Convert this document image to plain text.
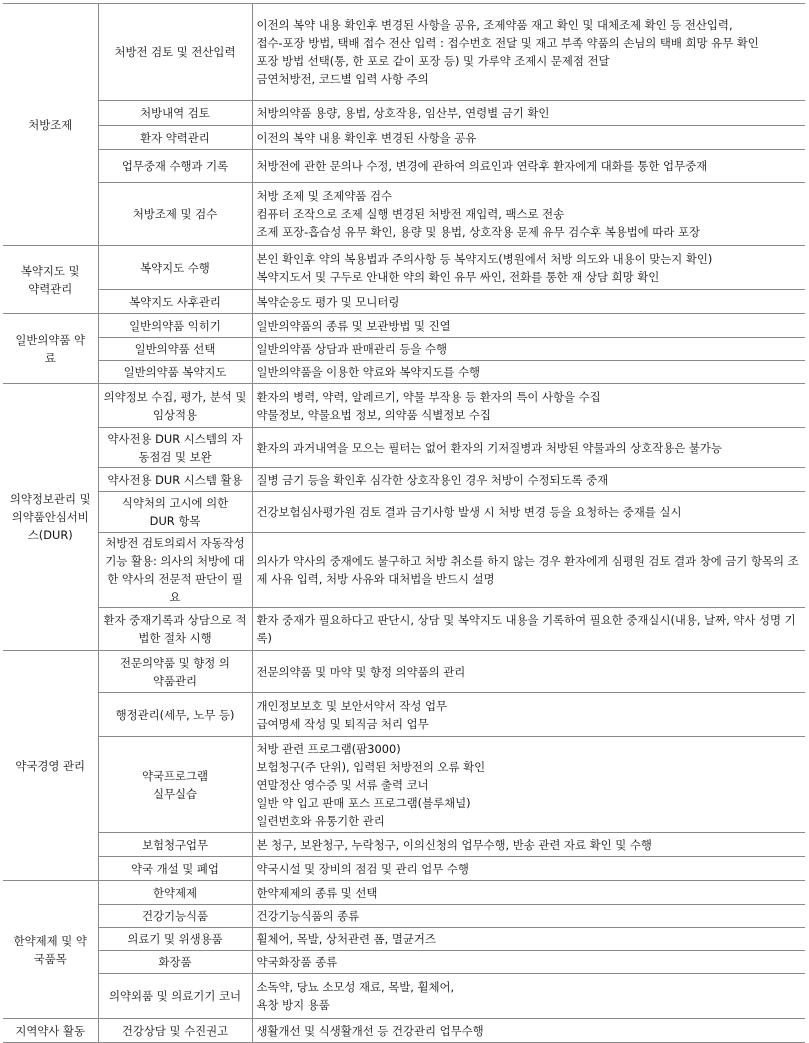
처방조제	처방전 검토 및 전산입력	이전의 복약 내용 확인후 변경된 사항을 공유, 조제약품 재고 확인 및 대체조제 확인 등 전산입력,
접수-포장 방법, 택배 접수 전산 입력 : 접수번호 전달 및 재고 부족 약품의 손님의 택배 희망 유무 확인
포장 방법 선택(통, 한 포로 같이 포장 등) 및 가루약 조제시 문제점 전달
금연처방전, 코드별 입력 사항 주의

	처방내역 검토	처방의약품 용량, 용법, 상호작용, 임산부, 연령별 금기 확인

	환자 약력관리	이전의 복약 내용 확인후 변경된 사항을 공유

	업무중재 수행과 기록	처방전에 관한 문의나 수정, 변경에 관하여 의료인과 연락후 환자에게 대화를 통한 업무중재

	처방조제 및 검수	처방 조제 및 조제약품 검수
컴퓨터 조작으로 조제 실행 변경된 처방전 재입력, 팩스로 전송
조제 포장-흡습성 유무 확인, 용량 및 용법, 상호작용 문제 유무 검수후 복용법에 따라 포장

복약지도 및 약력관리	복약지도 수행	본인 확인후 약의 복용법과 주의사항 등 복약지도(병원에서 처방 의도와 내용이 맞는지 확인)
복약지도서 및 구두로 안내한 약의 확인 유무 싸인, 전화를 통한 재 상담 희망 확인

	복약지도 사후관리	복약순응도 평가 및 모니터링

일반의약품 약료	일반의약품 익히기	일반의약품의 종류 및 보관방법 및 진열

	일반의약품 선택	일반의약품 상담과 판매관리 등을 수행

	일반의약품 복약지도	일반의약품을 이용한 약료와 복약지도를 수행

의약정보관리 및 의약품안심서비스(DUR)	의약정보 수집, 평가, 분석 및 임상적용	환자의 병력, 약력, 알레르기, 약물 부작용 등 환자의 특이 사항을 수집
약물정보, 약물요법 정보, 의약품 식별정보 수집

	약사전용 DUR 시스템의 자동점검 및 보완	환자의 과거내역을 모으는 필터는 없어 환자의 기저질병과 처방된 약물과의 상호작용은 불가능

	약사전용 DUR 시스템 활용	질병 금기 등을 확인후 심각한 상호작용인 경우 처방이 수정되도록 중재

	식약처의 고시에 의한 DUR 항목	건강보험심사평가원 검토 결과 금기사항 발생 시 처방 변경 등을 요청하는 중재를 실시

	처방전 검토의뢰서 자동작성기능 활용: 의사의 처방에 대한 약사의 전문적 판단이 필요	의사가 약사의 중재에도 불구하고 처방 취소를 하지 않는 경우 환자에게 심평원 검토 결과 창에 금기 항목의 조제 사유 입력, 처방 사유와 대처법을 반드시 설명

	환자 중재기록과 상담으로 적법한 절차 시행	환자 중재가 필요하다고 판단시, 상담 및 복약지도 내용을 기록하여 필요한 중재실시(내용, 날짜, 약사 성명 기록)

약국경영 관리	전문의약품 및 향정 의약품관리	전문의약품 및 마약 및 향정 의약품의 관리

	행정관리(세무, 노무 등)	개인정보보호 및 보안서약서 작성 업무
급여명세 작성 및 퇴직금 처리 업무

	약국프로그램 실무실습	처방 관련 프로그램(팜3000)
보험청구(주 단위), 입력된 처방전의 오류 확인
연말정산 영수증 및 서류 출력 코너
일반 약 입고 판매 포스 프로그램(블루채널)
일련번호와 유통기한 관리

	보험청구업무	본 청구, 보완청구, 누락청구, 이의신청의 업무수행, 반송 관련 자료 확인 및 수행

	약국 개설 및 폐업	약국시설 및 장비의 점검 및 관리 업무 수행

한약제제 및 약국품목	한약제제	한약제제의 종류 및 선택

	건강기능식품	건강기능식품의 종류

	의료기 및 위생용품	휠체어, 목발, 상처관련 폼, 멸균거즈

	화장품	약국화장품 종류

	의약외품 및 의료기기 코너	소독약, 당뇨 소모성 재료, 목발, 휠체어,
욕창 방지 용품

지역약사 활동	건강상담 및 수진권고	생활개선 및 식생활개선 등 건강관리 업무수행
